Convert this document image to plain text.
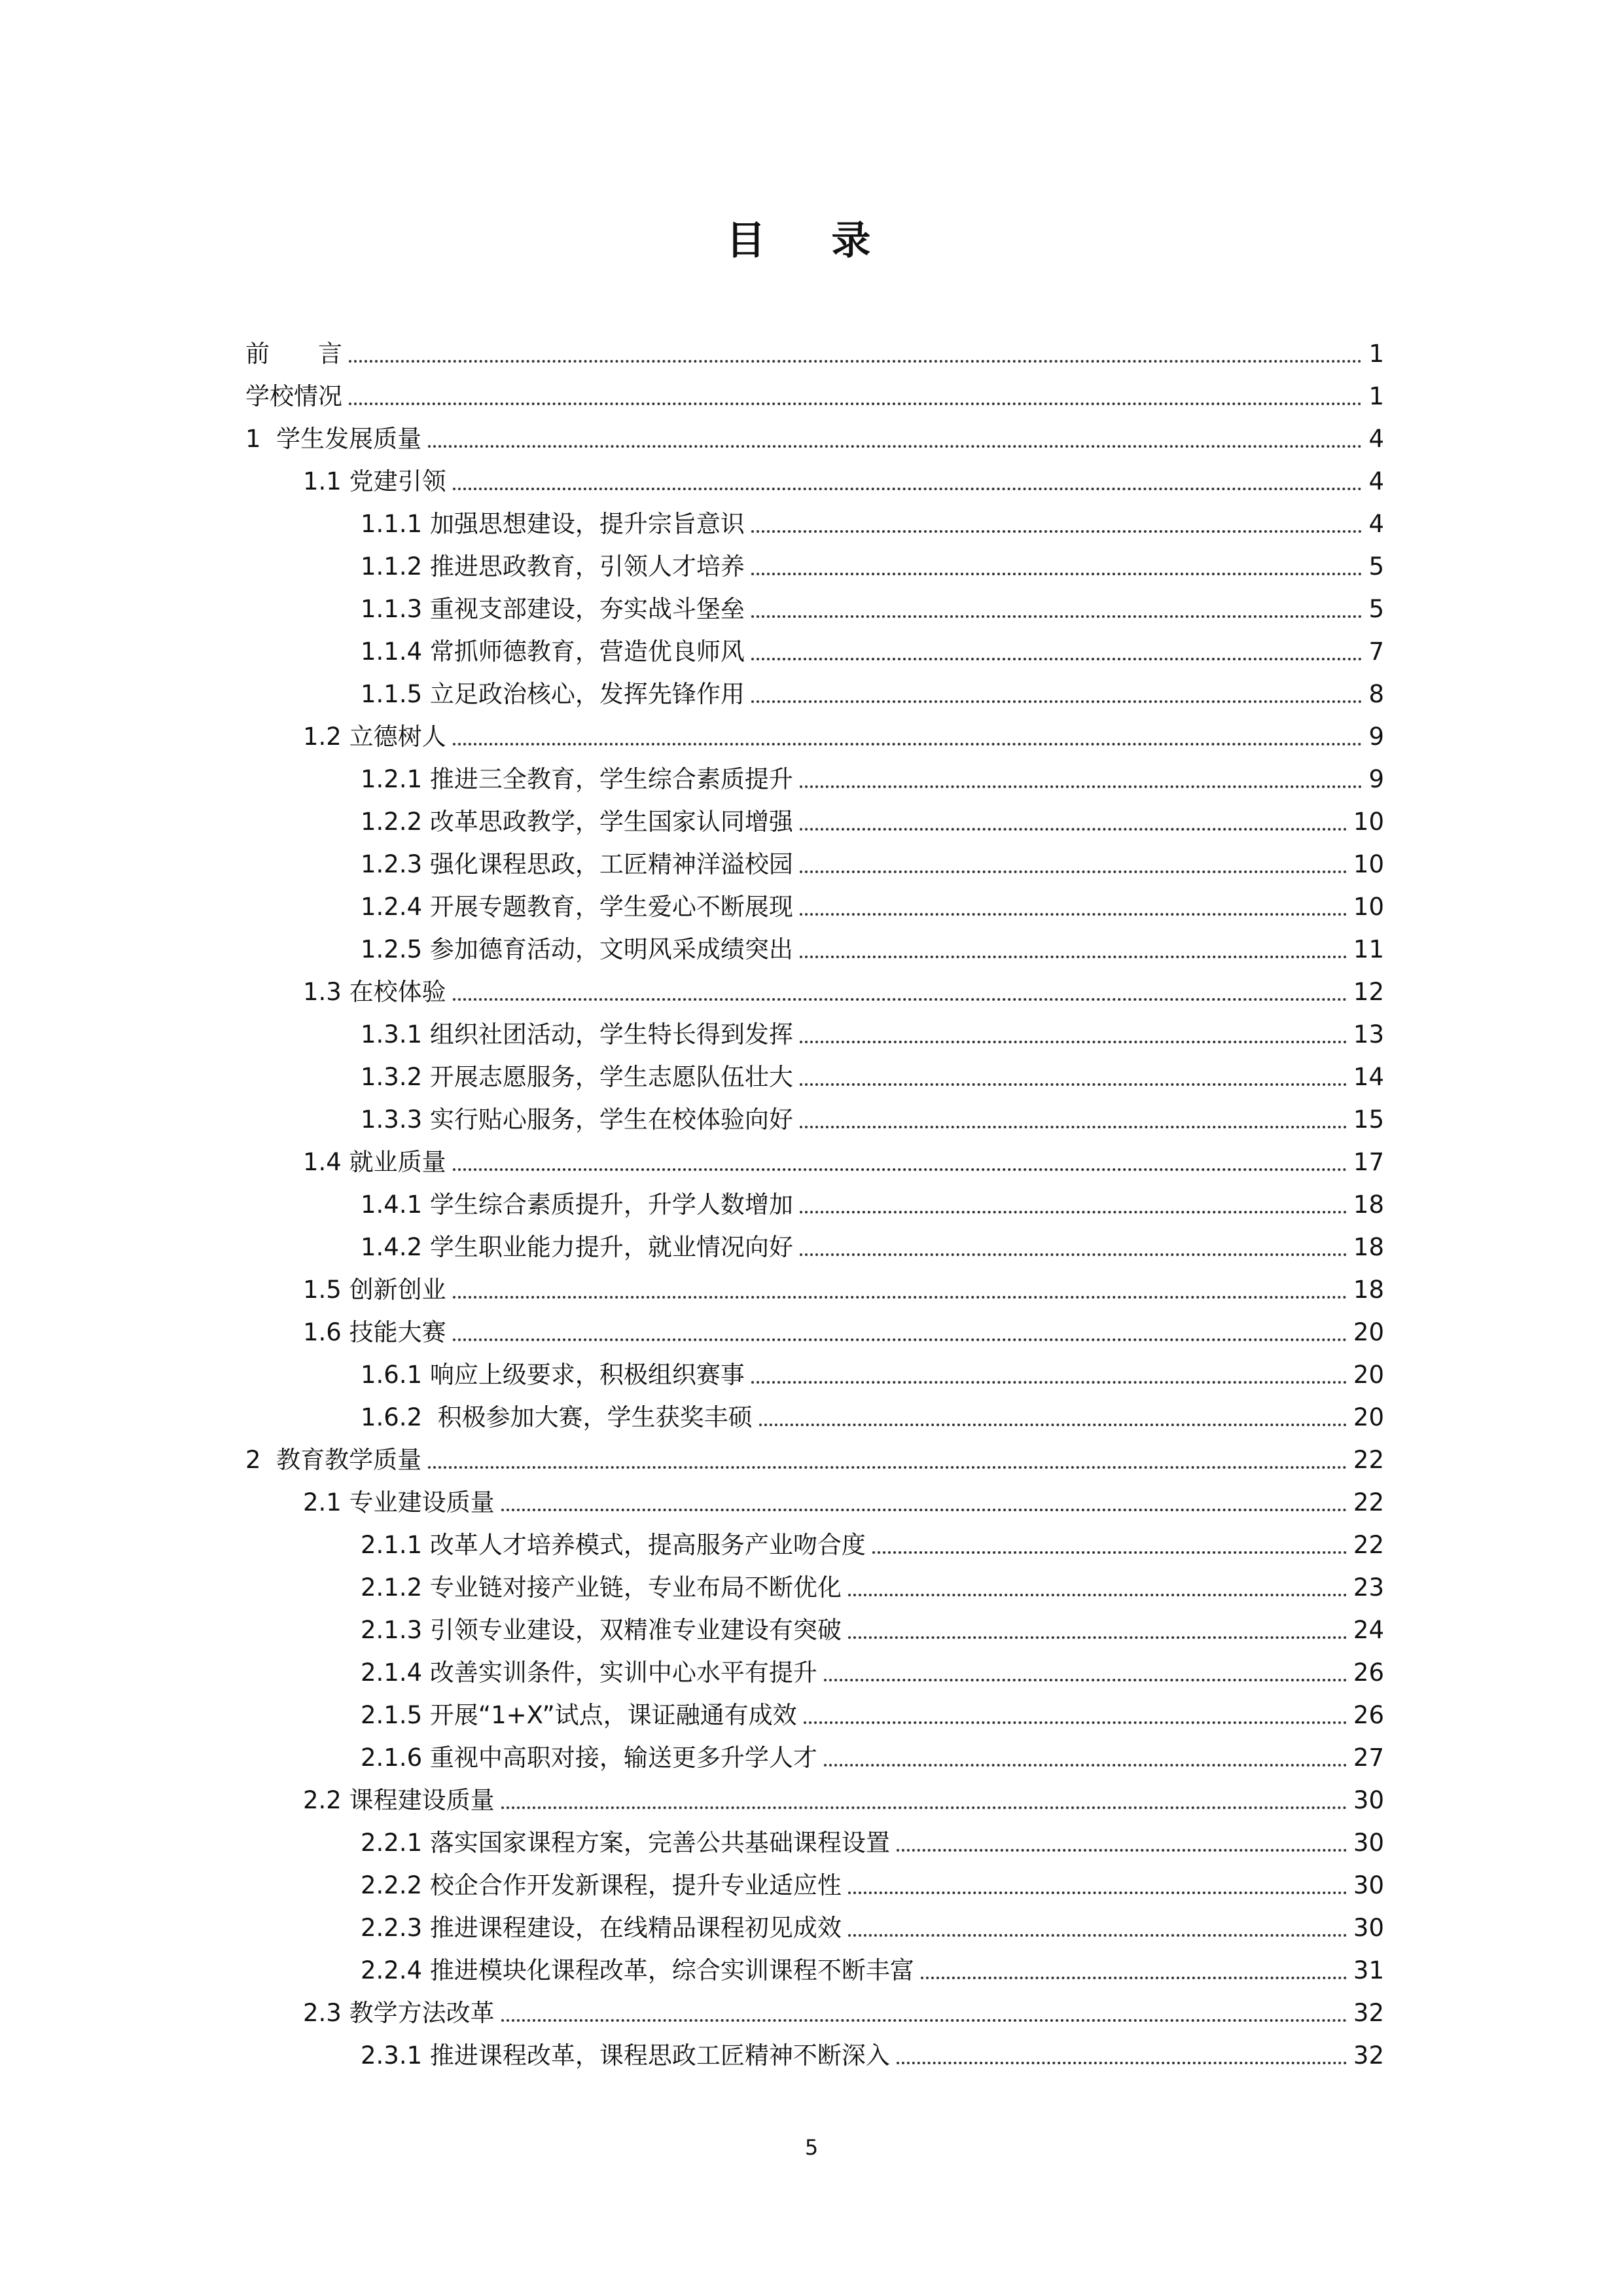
目 录
前　　言	1
学校情况	1
1  学生发展质量	4
1.1 党建引领	4
1.1.1 加强思想建设，提升宗旨意识	4
1.1.2 推进思政教育，引领人才培养	5
1.1.3 重视支部建设，夯实战斗堡垒	5
1.1.4 常抓师德教育，营造优良师风	7
1.1.5 立足政治核心，发挥先锋作用	8
1.2 立德树人	9
1.2.1 推进三全教育，学生综合素质提升	9
1.2.2 改革思政教学，学生国家认同增强	10
1.2.3 强化课程思政，工匠精神洋溢校园	10
1.2.4 开展专题教育，学生爱心不断展现	10
1.2.5 参加德育活动，文明风采成绩突出	11
1.3 在校体验	12
1.3.1 组织社团活动，学生特长得到发挥	13
1.3.2 开展志愿服务，学生志愿队伍壮大	14
1.3.3 实行贴心服务，学生在校体验向好	15
1.4 就业质量	17
1.4.1 学生综合素质提升，升学人数增加	18
1.4.2 学生职业能力提升，就业情况向好	18
1.5 创新创业	18
1.6 技能大赛	20
1.6.1 响应上级要求，积极组织赛事	20
1.6.2  积极参加大赛，学生获奖丰硕	20
2  教育教学质量	22
2.1 专业建设质量	22
2.1.1 改革人才培养模式，提高服务产业吻合度	22
2.1.2 专业链对接产业链，专业布局不断优化	23
2.1.3 引领专业建设，双精准专业建设有突破	24
2.1.4 改善实训条件，实训中心水平有提升	26
2.1.5 开展“1+X”试点，课证融通有成效	26
2.1.6 重视中高职对接，输送更多升学人才	27
2.2 课程建设质量	30
2.2.1 落实国家课程方案，完善公共基础课程设置	30
2.2.2 校企合作开发新课程，提升专业适应性	30
2.2.3 推进课程建设，在线精品课程初见成效	30
2.2.4 推进模块化课程改革，综合实训课程不断丰富	31
2.3 教学方法改革	32
2.3.1 推进课程改革，课程思政工匠精神不断深入	32
5
